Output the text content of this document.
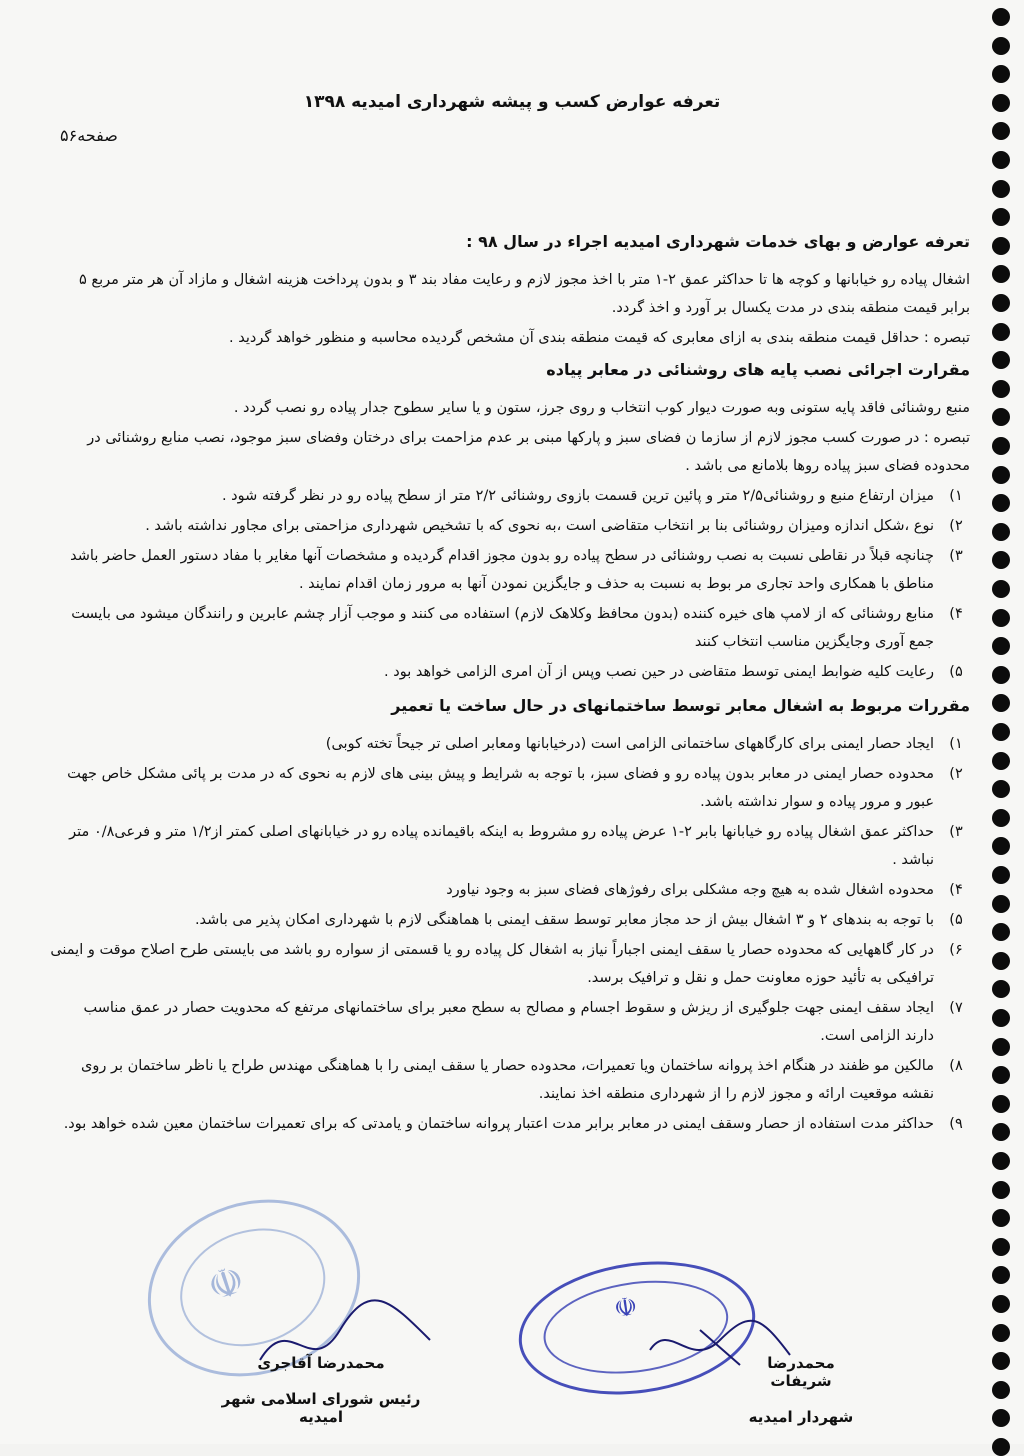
تعرفه عوارض کسب و پیشه شهرداری امیدیه ۱۳۹۸
صفحه۵۶
تعرفه عوارض و بهای خدمات شهرداری امیدیه اجراء در سال ۹۸ :
اشغال پیاده رو خیابانها و کوچه ها تا حداکثر عمق ۲-۱ متر با اخذ مجوز لازم و رعایت مفاد بند ۳ و بدون پرداخت هزینه اشغال و مازاد آن هر متر مربع ۵ برابر قیمت منطقه بندی در مدت یکسال بر آورد و اخذ گردد.
تبصره : حداقل قیمت منطقه بندی به ازای معابری که قیمت منطقه بندی آن مشخص گردیده محاسبه و منظور خواهد گردید .
مقرارت اجرائی نصب پایه های روشنائی در معابر پیاده
منبع روشنائی فاقد پایه ستونی وبه صورت دیوار کوب انتخاب و روی جرز، ستون و یا سایر سطوح جدار پیاده رو نصب گردد .
تبصره : در صورت کسب مجوز لازم از سازما ن فضای سبز و پارکها مبنی بر عدم مزاحمت برای درختان وفضای سبز موجود، نصب منابع روشنائی در محدوده فضای سبز پیاده روها بلامانع می باشد .
۱)
میزان ارتفاع منبع و روشنائی۲/۵ متر و پائین ترین قسمت بازوی روشنائی ۲/۲ متر از سطح پیاده رو در نظر گرفته شود .
۲)
نوع ،شکل اندازه ومیزان روشنائی بنا بر انتخاب متقاضی است ،به نحوی که با تشخیص شهرداری مزاحمتی برای مجاور نداشته باشد .
۳)
چنانچه قبلاً در نقاطی نسبت به نصب روشنائی در سطح پیاده رو بدون مجوز اقدام گردیده و مشخصات آنها مغایر با مفاد دستور العمل حاضر باشد مناطق با همکاری واحد تجاری مر بوط به نسبت به حذف و جایگزین نمودن آنها به مرور زمان اقدام نمایند .
۴)
منابع روشنائی که از لامپ های خیره کننده (بدون محافظ وکلاهک لازم) استفاده می کنند و موجب آزار چشم عابرین و رانندگان میشود می بایست جمع آوری وجایگزین مناسب انتخاب کنند
۵)
رعایت کلیه ضوابط ایمنی توسط متقاضی در حین نصب وپس از آن امری الزامی خواهد بود .
مقررات مربوط به اشغال معابر توسط ساختمانهای در حال ساخت یا تعمیر
۱)
ایجاد حصار ایمنی برای کارگاههای ساختمانی الزامی است (درخیابانها ومعابر اصلی تر جیحاً تخته کوبی)
۲)
محدوده حصار ایمنی در معابر بدون پیاده رو و فضای سبز، با توجه به شرایط و پیش بینی های لازم به نحوی که در مدت بر پائی مشکل خاص جهت عبور و مرور پیاده و سوار نداشته باشد.
۳)
حداکثر عمق اشغال پیاده رو خیابانها بابر ۲-۱ عرض پیاده رو مشروط به اینکه باقیمانده پیاده رو در خیابانهای اصلی کمتر از۱/۲ متر و فرعی۰/۸ متر نباشد .
۴)
محدوده اشغال شده به هیچ وجه مشکلی برای رفوژهای فضای سبز به وجود نیاورد
۵)
با توجه به بندهای ۲ و ۳ اشغال بیش از حد مجاز معابر توسط سقف ایمنی با هماهنگی لازم با شهرداری امکان پذیر می باشد.
۶)
در کار گاههایی که محدوده حصار یا سقف ایمنی اجباراً نیاز به اشغال کل پیاده رو یا قسمتی از سواره رو باشد می بایستی طرح اصلاح موقت و ایمنی ترافیکی به تأئید حوزه معاونت حمل و نقل و ترافیک برسد.
۷)
ایجاد سقف ایمنی جهت جلوگیری از ریزش و سقوط اجسام و مصالح به سطح معبر برای ساختمانهای مرتفع که محدویت حصار در عمق مناسب دارند الزامی است.
۸)
مالکین مو ظفند در هنگام اخذ پروانه ساختمان ویا تعمیرات، محدوده حصار یا سقف ایمنی را با هماهنگی مهندس طراح یا ناظر ساختمان بر روی نقشه موقعیت ارائه و مجوز لازم را از شهرداری منطقه اخذ نمایند.
۹)
حداکثر مدت استفاده از حصار وسقف ایمنی در معابر برابر مدت اعتبار پروانه ساختمان و یامدتی که برای تعمیرات ساختمان معین شده خواهد بود.
☫	☫
محمدرضا آقاجری
رئیس شورای اسلامی شهر امیدیه
محمدرضا شریفات
شهردار امیدیه
